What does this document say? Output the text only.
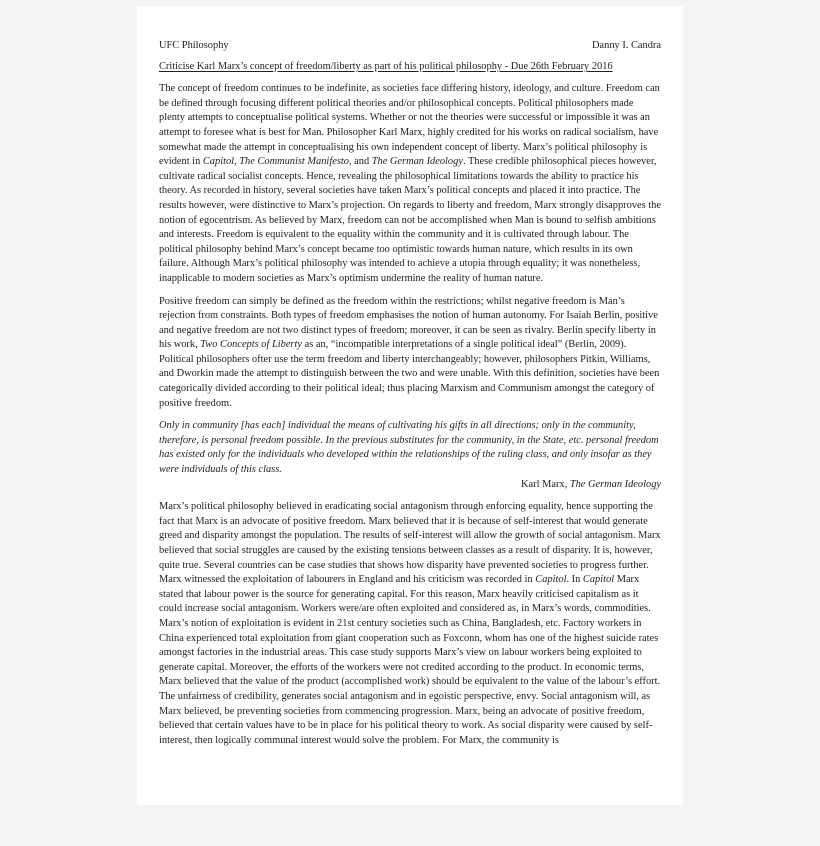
UFC Philosophy	Danny I. Candra
Criticise Karl Marx’s concept of freedom/liberty as part of his political philosophy - Due 26th February 2016

The concept of freedom continues to be indefinite, as societies face differing history, ideology, and culture. Freedom can be defined through focusing different political theories and/or philosophical concepts. Political philosophers made plenty attempts to conceptualise political systems. Whether or not the theories were successful or impossible it was an attempt to foresee what is best for Man. Philosopher Karl Marx, highly credited for his works on radical socialism, have somewhat made the attempt in conceptualising his own independent concept of liberty. Marx’s political philosophy is evident in Capitol, The Communist Manifesto, and The German Ideology. These credible philosophical pieces however, cultivate radical socialist concepts. Hence, revealing the philosophical limitations towards the ability to practice his theory. As recorded in history, several societies have taken Marx’s political concepts and placed it into practice. The results however, were distinctive to Marx’s projection. On regards to liberty and freedom, Marx strongly disapproves the notion of egocentrism. As believed by Marx, freedom can not be accomplished when Man is bound to selfish ambitions and interests. Freedom is equivalent to the equality within the community and it is cultivated through labour. The political philosophy behind Marx’s concept became too optimistic towards human nature, which results in its own failure. Although Marx’s political philosophy was intended to achieve a utopia through equality; it was nonetheless, inapplicable to modern societies as Marx’s optimism undermine the reality of human nature.

Positive freedom can simply be defined as the freedom within the restrictions; whilst negative freedom is Man’s rejection from constraints. Both types of freedom emphasises the notion of human autonomy. For Isaiah Berlin, positive and negative freedom are not two distinct types of freedom; moreover, it can be seen as rivalry. Berlin specify liberty in his work, Two Concepts of Liberty as an, “incompatible interpretations of a single political ideal” (Berlin, 2009). Political philosophers ofter use the term freedom and liberty interchangeably; however, philosophers Pitkin, Williams, and Dworkin made the attempt to distinguish between the two and were unable. With this definition, societies have been categorically divided according to their political ideal; thus placing Marxism and Communism amongst the category of positive freedom.

Only in community [has each] individual the means of cultivating his gifts in all directions; only in the community, therefore, is personal freedom possible. In the previous substitutes for the community, in the State, etc. personal freedom has existed only for the individuals who developed within the relationships of the ruling class, and only insofar as they were individuals of this class.

Karl Marx, The German Ideology

Marx’s political philosophy believed in eradicating social antagonism through enforcing equality, hence supporting the fact that Marx is an advocate of positive freedom. Marx believed that it is because of self-interest that would generate greed and disparity amongst the population. The results of self-interest will allow the growth of social antagonism. Marx believed that social struggles are caused by the existing tensions between classes as a result of disparity. It is, however, quite true. Several countries can be case studies that shows how disparity have prevented societies to progress further. Marx witnessed the exploitation of labourers in England and his criticism was recorded in Capitol. In Capitol Marx stated that labour power is the source for generating capital. For this reason, Marx heavily criticised capitalism as it could increase social antagonism. Workers were/are often exploited and considered as, in Marx’s words, commodities. Marx’s notion of exploitation is evident in 21st century societies such as China, Bangladesh, etc. Factory workers in China experienced total exploitation from giant cooperation such as Foxconn, whom has one of the highest suicide rates amongst factories in the industrial areas. This case study supports Marx’s view on labour workers being exploited to generate capital. Moreover, the efforts of the workers were not credited according to the product. In economic terms, Marx believed that the value of the product (accomplished work) should be equivalent to the value of the labour’s effort. The unfairness of credibility, generates social antagonism and in egoistic perspective, envy. Social antagonism will, as Marx believed, be preventing societies from commencing progression. Marx, being an advocate of positive freedom, believed that certain values have to be in place for his political theory to work. As social disparity were caused by self-interest, then logically communal interest would solve the problem. For Marx, the community is
